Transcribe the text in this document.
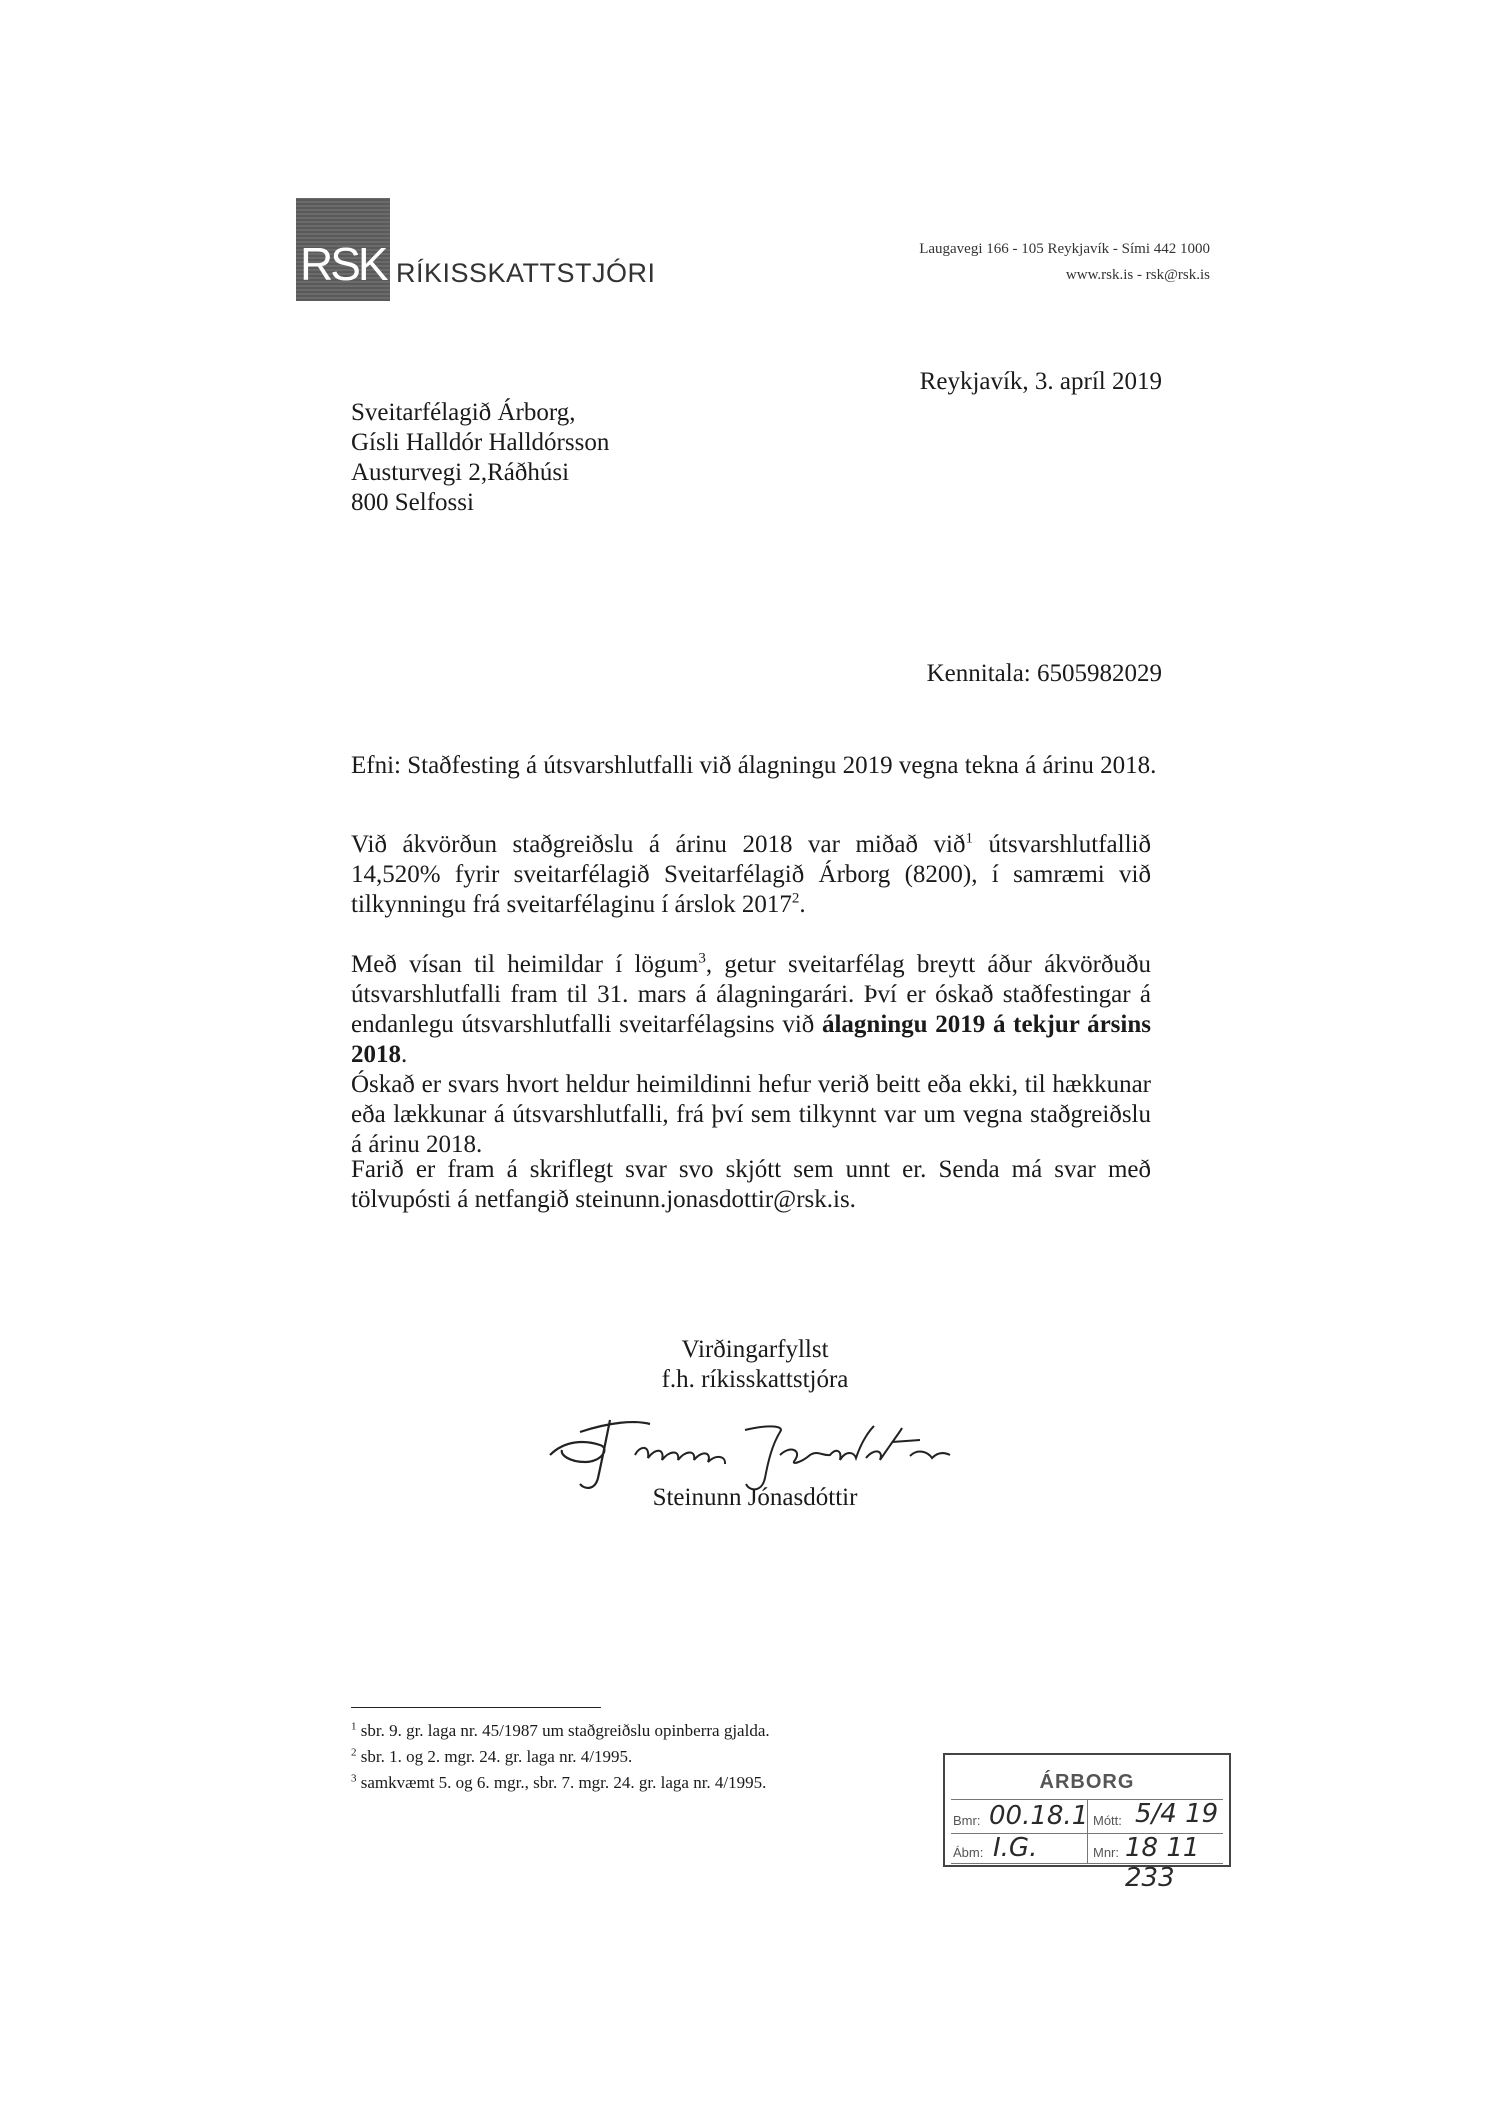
RSK RÍKISSKATTSTJÓRI
Laugavegi 166 - 105 Reykjavík - Sími 442 1000
www.rsk.is - rsk@rsk.is
Reykjavík, 3. apríl 2019
Sveitarfélagið Árborg,
Gísli Halldór Halldórsson
Austurvegi 2,Ráðhúsi
800 Selfossi
Kennitala: 6505982029
Efni: Staðfesting á útsvarshlutfalli við álagningu 2019 vegna tekna á árinu 2018.
Við ákvörðun staðgreiðslu á árinu 2018 var miðað við$^1$ útsvarshlutfallið 14,520% fyrir sveitarfélagið Sveitarfélagið Árborg (8200), í samræmi við tilkynningu frá sveitarfélaginu í árslok 2017$^2$.
Með vísan til heimildar í lögum$^3$, getur sveitarfélag breytt áður ákvörðuðu útsvarshlutfalli fram til 31. mars á álagningarári. Því er óskað staðfestingar á endanlegu útsvarshlutfalli sveitarfélagsins við álagningu 2019 á tekjur ársins 2018.
Óskað er svars hvort heldur heimildinni hefur verið beitt eða ekki, til hækkunar eða lækkunar á útsvarshlutfalli, frá því sem tilkynnt var um vegna staðgreiðslu á árinu 2018.
Farið er fram á skriflegt svar svo skjótt sem unnt er. Senda má svar með tölvupósti á netfangið steinunn.jonasdottir@rsk.is.
Virðingarfyllst
f.h. ríkisskattstjóra
Steinunn Jónasdóttir
$^1$ sbr. 9. gr. laga nr. 45/1987 um staðgreiðslu opinberra gjalda.
$^2$ sbr. 1. og 2. mgr. 24. gr. laga nr. 4/1995.
$^3$ samkvæmt 5. og 6. mgr., sbr. 7. mgr. 24. gr. laga nr. 4/1995.	ÁRBORG
Bmr: 00.18.1 Mótt: 5/4 19
Ábm: I.G.	Mnr: 18 11 233
